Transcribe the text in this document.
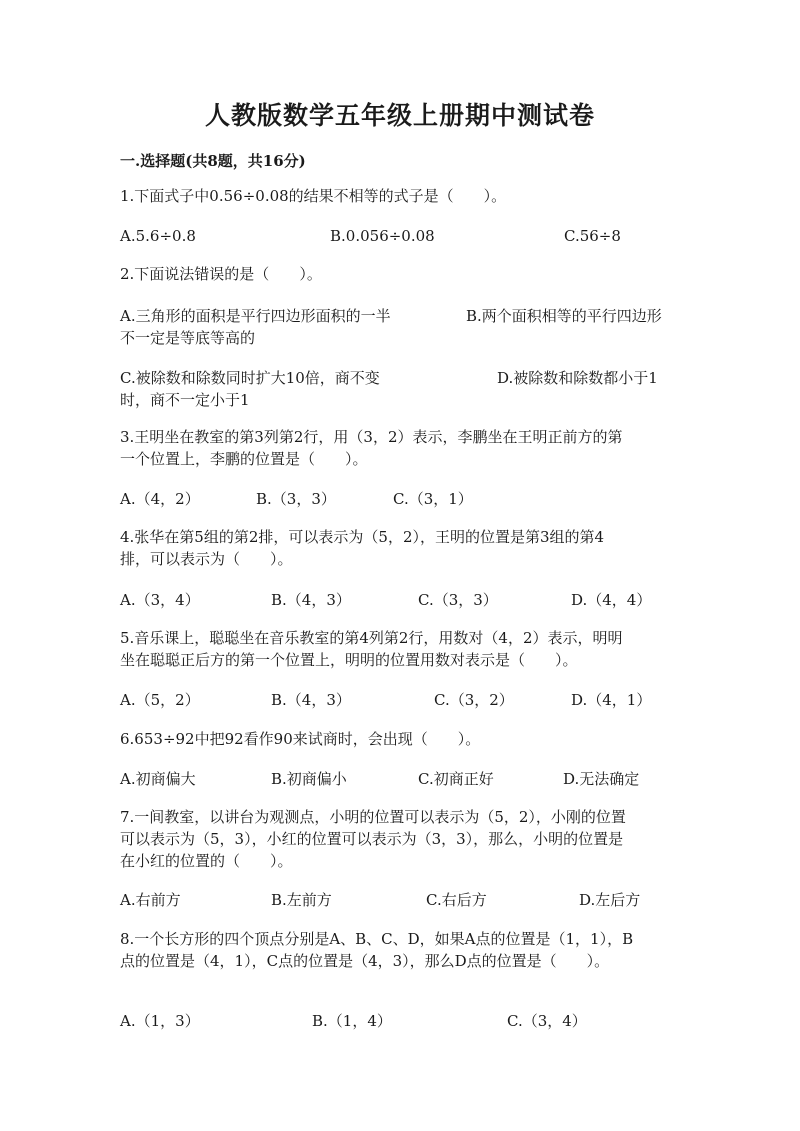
人教版数学五年级上册期中测试卷
一.选择题(共8题，共16分)
1.下面式子中0.56÷0.08的结果不相等的式子是（　　）。
A.5.6÷0.8	B.0.056÷0.08	C.56÷8
2.下面说法错误的是（　　）。
A.三角形的面积是平行四边形面积的一半	B.两个面积相等的平行四边形
不一定是等底等高的
C.被除数和除数同时扩大10倍，商不变	D.被除数和除数都小于1
时，商不一定小于1
3.王明坐在教室的第3列第2行，用（3，2）表示，李鹏坐在王明正前方的第
一个位置上，李鹏的位置是（　　）。
A.（4，2）	B.（3，3）	C.（3，1）
4.张华在第5组的第2排，可以表示为（5，2），王明的位置是第3组的第4
排，可以表示为（　　）。
A.（3，4）	B.（4，3）	C.（3，3）	D.（4，4）
5.音乐课上，聪聪坐在音乐教室的第4列第2行，用数对（4，2）表示，明明
坐在聪聪正后方的第一个位置上，明明的位置用数对表示是（　　）。
A.（5，2）	B.（4，3）	C.（3，2）	D.（4，1）
6.653÷92中把92看作90来试商时，会出现（　　）。
A.初商偏大	B.初商偏小	C.初商正好	D.无法确定
7.一间教室，以讲台为观测点，小明的位置可以表示为（5，2），小刚的位置
可以表示为（5，3），小红的位置可以表示为（3，3），那么，小明的位置是
在小红的位置的（　　）。
A.右前方	B.左前方	C.右后方	D.左后方
8.一个长方形的四个顶点分别是A、B、C、D，如果A点的位置是（1，1），B
点的位置是（4，1），C点的位置是（4，3），那么D点的位置是（　　）。
A.（1，3）	B.（1，4）	C.（3，4）
